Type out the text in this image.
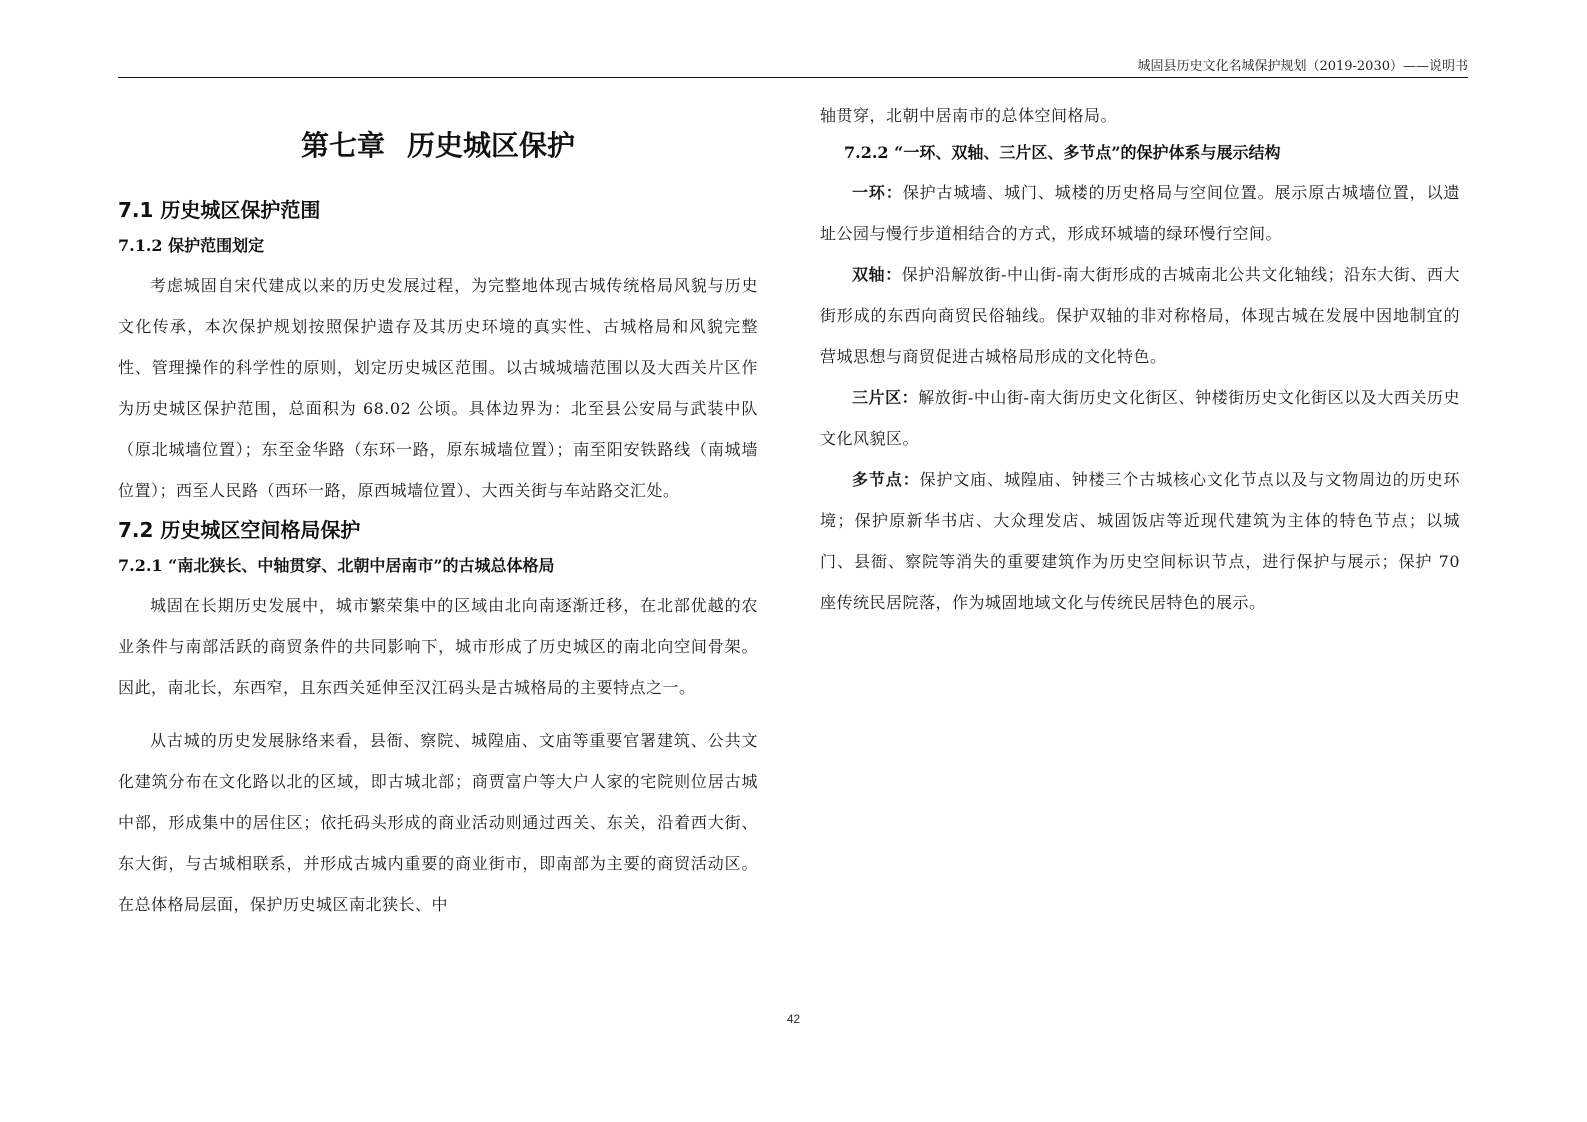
城固县历史文化名城保护规划（2019-2030）——说明书
第七章 历史城区保护
7.1 历史城区保护范围
7.1.2 保护范围划定

考虑城固自宋代建成以来的历史发展过程，为完整地体现古城传统格局风貌与历史文化传承，本次保护规划按照保护遗存及其历史环境的真实性、古城格局和风貌完整性、管理操作的科学性的原则，划定历史城区范围。以古城城墙范围以及大西关片区作为历史城区保护范围，总面积为 68.02 公顷。具体边界为：北至县公安局与武装中队（原北城墙位置）；东至金华路（东环一路，原东城墙位置）；南至阳安铁路线（南城墙位置）；西至人民路（西环一路，原西城墙位置）、大西关街与车站路交汇处。

7.2 历史城区空间格局保护
7.2.1 “南北狭长、中轴贯穿、北朝中居南市”的古城总体格局

城固在长期历史发展中，城市繁荣集中的区域由北向南逐渐迁移，在北部优越的农业条件与南部活跃的商贸条件的共同影响下，城市形成了历史城区的南北向空间骨架。因此，南北长，东西窄，且东西关延伸至汉江码头是古城格局的主要特点之一。

从古城的历史发展脉络来看，县衙、察院、城隍庙、文庙等重要官署建筑、公共文化建筑分布在文化路以北的区域，即古城北部；商贾富户等大户人家的宅院则位居古城中部，形成集中的居住区；依托码头形成的商业活动则通过西关、东关，沿着西大街、东大街，与古城相联系，并形成古城内重要的商业街市，即南部为主要的商贸活动区。在总体格局层面，保护历史城区南北狭长、中

轴贯穿，北朝中居南市的总体空间格局。

7.2.2 “一环、双轴、三片区、多节点”的保护体系与展示结构

一环：保护古城墙、城门、城楼的历史格局与空间位置。展示原古城墙位置，以遗址公园与慢行步道相结合的方式，形成环城墙的绿环慢行空间。

双轴：保护沿解放街-中山街-南大街形成的古城南北公共文化轴线；沿东大街、西大街形成的东西向商贸民俗轴线。保护双轴的非对称格局，体现古城在发展中因地制宜的营城思想与商贸促进古城格局形成的文化特色。

三片区：解放街-中山街-南大街历史文化街区、钟楼街历史文化街区以及大西关历史文化风貌区。

多节点：保护文庙、城隍庙、钟楼三个古城核心文化节点以及与文物周边的历史环境；保护原新华书店、大众理发店、城固饭店等近现代建筑为主体的特色节点；以城门、县衙、察院等消失的重要建筑作为历史空间标识节点，进行保护与展示；保护 70 座传统民居院落，作为城固地域文化与传统民居特色的展示。

42
